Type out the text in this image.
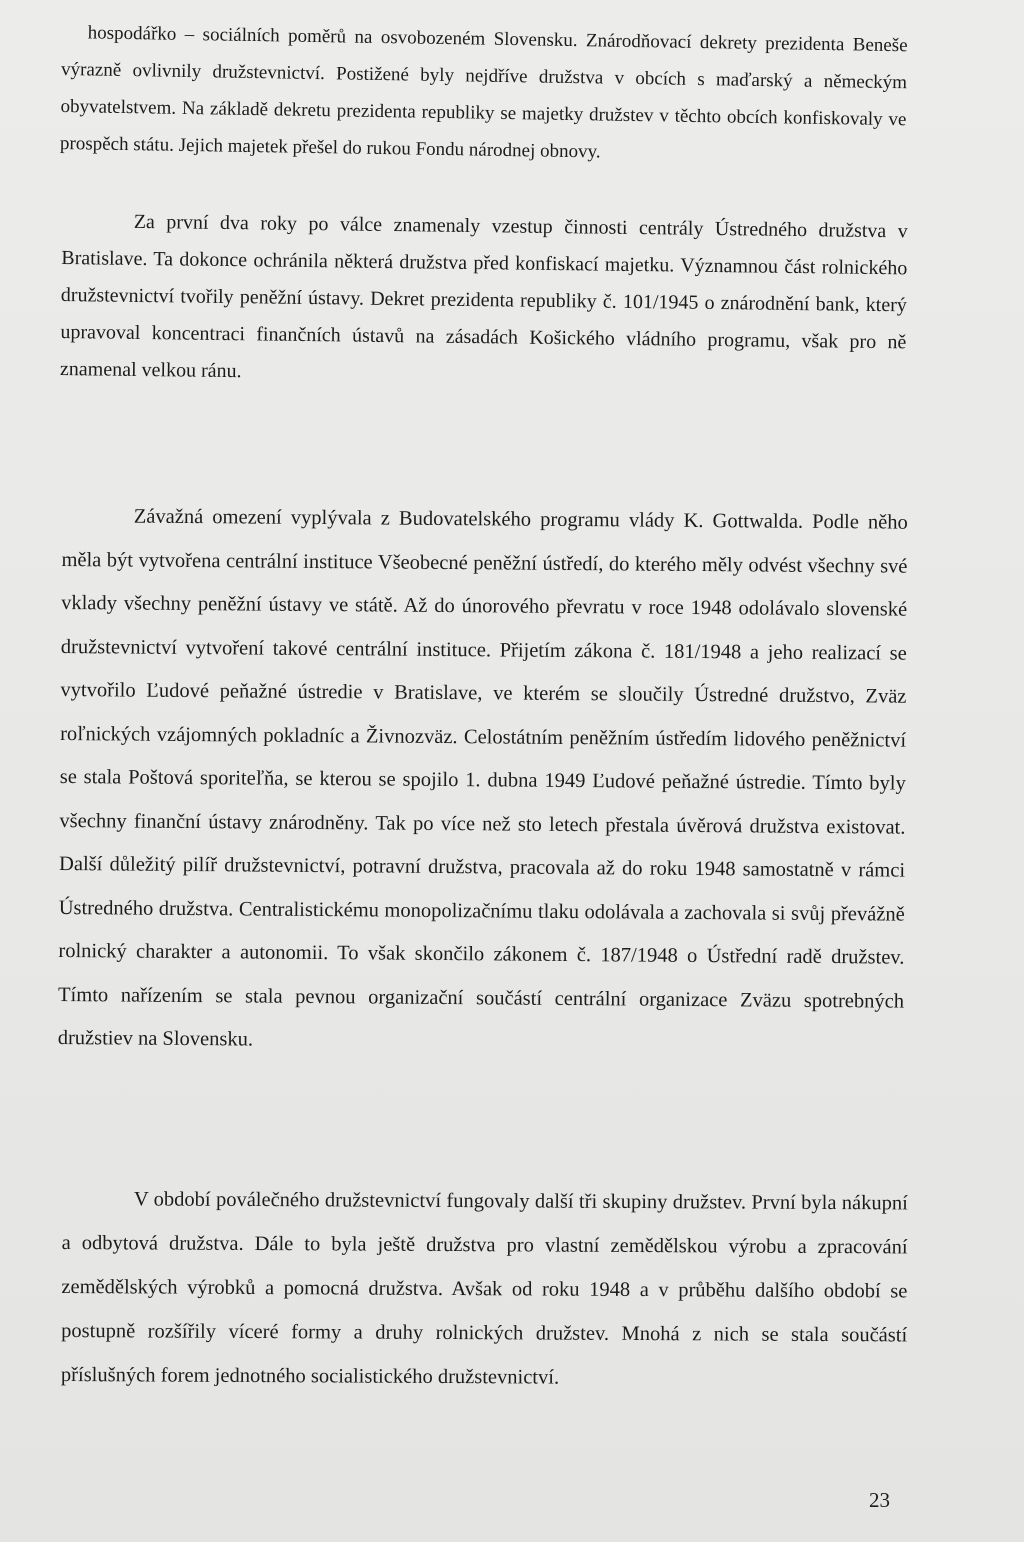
hospodářko – sociálních poměrů na osvobozeném Slovensku. Znárodňovací dekrety prezidenta Beneše výrazně ovlivnily družstevnictví. Postižené byly nejdříve družstva v obcích s maďarský a německým obyvatelstvem. Na základě dekretu prezidenta republiky se majetky družstev v těchto obcích konfiskovaly ve prospěch státu. Jejich majetek přešel do rukou Fondu národnej obnovy.

Za první dva roky po válce znamenaly vzestup činnosti centrály Ústredného družstva v Bratislave. Ta dokonce ochránila některá družstva před konfiskací majetku. Významnou část rolnického družstevnictví tvořily peněžní ústavy. Dekret prezidenta republiky č. 101/1945 o znárodnění bank, který upravoval koncentraci finančních ústavů na zásadách Košického vládního programu, však pro ně znamenal velkou ránu.

Závažná omezení vyplývala z Budovatelského programu vlády K. Gottwalda. Podle něho měla být vytvořena centrální instituce Všeobecné peněžní ústředí, do kterého měly odvést všechny své vklady všechny peněžní ústavy ve státě. Až do únorového převratu v roce 1948 odolávalo slovenské družstevnictví vytvoření takové centrální instituce. Přijetím zákona č. 181/1948 a jeho realizací se vytvořilo Ľudové peňažné ústredie v Bratislave, ve kterém se sloučily Ústredné družstvo, Zväz roľnických vzájomných pokladníc a Živnozväz. Celostátním peněžním ústředím lidového peněžnictví se stala Poštová sporiteľňa, se kterou se spojilo 1. dubna 1949 Ľudové peňažné ústredie. Tímto byly všechny finanční ústavy znárodněny. Tak po více než sto letech přestala úvěrová družstva existovat. Další důležitý pilíř družstevnictví, potravní družstva, pracovala až do roku 1948 samostatně v rámci Ústredného družstva. Centralistickému monopolizačnímu tlaku odolávala a zachovala si svůj převážně rolnický charakter a autonomii. To však skončilo zákonem č. 187/1948 o Ústřední radě družstev. Tímto nařízením se stala pevnou organizační součástí centrální organizace Zväzu spotrebných družstiev na Slovensku.

V období poválečného družstevnictví fungovaly další tři skupiny družstev. První byla nákupní a odbytová družstva. Dále to byla ještě družstva pro vlastní zemědělskou výrobu a zpracování zemědělských výrobků a pomocná družstva. Avšak od roku 1948 a v průběhu dalšího období se postupně rozšířily víceré formy a druhy rolnických družstev. Mnohá z nich se stala součástí příslušných forem jednotného socialistického družstevnictví.

23
